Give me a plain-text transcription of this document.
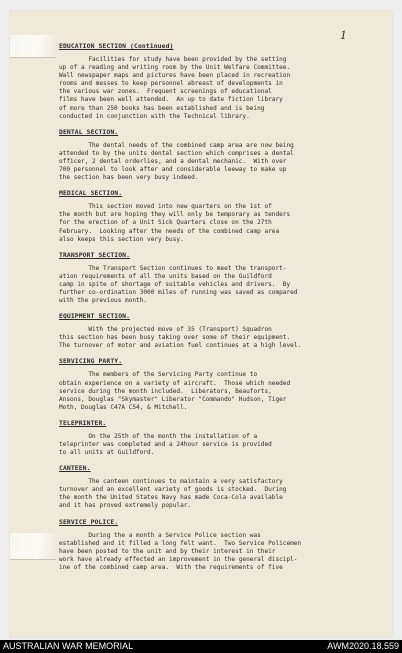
1
EDUCATION SECTION (Continued)
Facilities for study have been provided by the setting
up of a reading and writing room by the Unit Welfare Committee.
Wall newspaper maps and pictures have been placed in recreation
rooms and messes to keep personnel abreast of developments in
the various war zones.  Frequent screenings of educational
films have been well attended.  An up to date fiction library
of more than 250 books has been established and is being
conducted in conjunction with the Technical library.
DENTAL SECTION.
The dental needs of the combined camp area are now being
attended to by the units dental section which comprises a dental
officer, 2 dental orderlies, and a dental mechanic.  With over
700 personnel to look after and considerable leeway to make up
the section has been very busy indeed.
MEDICAL SECTION.
This section moved into new quarters on the 1st of
the month but are hoping they will only be temporary as tenders
for the erection of a Unit Sick Quarters close on the 27th
February.  Looking after the needs of the combined camp area
also keeps this section very busy.
TRANSPORT SECTION.
The Transport Section continues to meet the transport-
ation requirements of all the units based on the Guildford
camp in spite of shortage of suitable vehicles and drivers.  By
further co-ordination 3000 miles of running was saved as compared
with the previous month.
EQUIPMENT SECTION.
With the projected move of 35 (Transport) Squadron
this section has been busy taking over some of their equipment.
The turnover of motor and aviation fuel continues at a high level.
SERVICING PARTY.
The members of the Servicing Party continue to
obtain experience on a variety of aircraft.  Those which needed
service during the month included.  Liberators, Beauforts,
Ansons, Douglas "Skymaster" Liberator "Commando" Hudson, Tiger
Moth, Douglas C47A C54, & Mitchell.
TELEPRINTER.
On the 25th of the month the installation of a
teleprinter was completed and a 24hour service is provided
to all units at Guildford.
CANTEEN.
The canteen continues to maintain a very satisfactory
turnover and an excellent variety of goods is stocked.  During
the month the United States Navy has made Coca-Cola available
and it has proved extremely popular.
SERVICE POLICE.
During the a month a Service Police section was
established and it filled a long felt want.  Two Service Policemen
have been posted to the unit and by their interest in their
work have already effected an improvement in the general discipl-
ine of the combined camp area.  With the requirements of five
AUSTRALIAN WAR MEMORIAL	AWM2020.18.559
